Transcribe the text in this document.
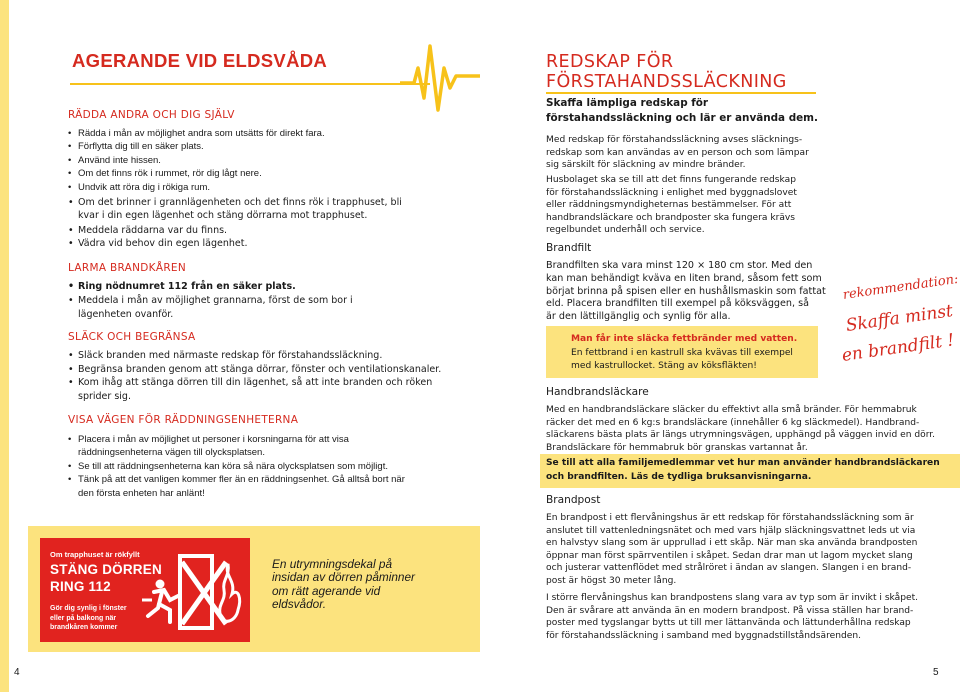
AGERANDE VID ELDSVÅDA
RÄDDA ANDRA OCH DIG SJÄLV
• Rädda i mån av möjlighet andra som utsätts för direkt fara.
• Förflytta dig till en säker plats.
• Använd inte hissen.
• Om det finns rök i rummet, rör dig lågt nere.
• Undvik att röra dig i rökiga rum.
• Om det brinner i grannlägenheten och det finns rök i trapphuset, bli kvar i din egen lägenhet och stäng dörrarna mot trapphuset.
• Meddela räddarna var du finns.
• Vädra vid behov din egen lägenhet.
LARMA BRANDKÅREN
• Ring nödnumret 112 från en säker plats.
• Meddela i mån av möjlighet grannarna, först de som bor i lägenheten ovanför.
SLÄCK OCH BEGRÄNSA
• Släck branden med närmaste redskap för förstahandssläckning.
• Begränsa branden genom att stänga dörrar, fönster och ventilationskanaler.
• Kom ihåg att stänga dörren till din lägenhet, så att inte branden och röken sprider sig.
VISA VÄGEN FÖR RÄDDNINGSENHETERNA
• Placera i mån av möjlighet ut personer i korsningarna för att visa räddningsenheterna vägen till olycksplatsen.
• Se till att räddningsenheterna kan köra så nära olycksplatsen som möjligt.
• Tänk på att det vanligen kommer fler än en räddningsenhet. Gå alltså bort när den första enheten har anlänt!
Om trapphuset är rökfyllt
STÄNG DÖRREN
RING 112
Gör dig synlig i fönster eller på balkong när brandkåren kommer
En utrymningsdekal på insidan av dörren påminner om rätt agerande vid eldsvådor.
4
REDSKAP FÖR
FÖRSTAHANDSSLÄCKNING
Skaffa lämpliga redskap för förstahandssläckning och lär er använda dem.
Med redskap för förstahandssläckning avses släcknings-
redskap som kan användas av en person och som lämpar
sig särskilt för släckning av mindre bränder.
Husbolaget ska se till att det finns fungerande redskap
för förstahandssläckning i enlighet med byggnadslovet
eller räddningsmyndigheternas bestämmelser. För att
handbrandsläckare och brandposter ska fungera krävs
regelbundet underhåll och service.
Brandfilt
Brandfilten ska vara minst 120 × 180 cm stor. Med den
kan man behändigt kväva en liten brand, såsom fett som
börjat brinna på spisen eller en hushållsmaskin som fattat
eld. Placera brandfilten till exempel på köksväggen, så
är den lättillgänglig och synlig för alla.
Man får inte släcka fettbränder med vatten.
En fettbrand i en kastrull ska kvävas till exempel
med kastrullocket. Stäng av köksfläkten!
rekommendation:
Skaffa minst
en brandfilt !
Handbrandsläckare
Med en handbrandsläckare släcker du effektivt alla små bränder. För hemmabruk
räcker det med en 6 kg:s brandsläckare (innehåller 6 kg släckmedel). Handbrand-
släckarens bästa plats är längs utrymningsvägen, upphängd på väggen invid en dörr.
Brandsläckare för hemmabruk bör granskas vartannat år.
Se till att alla familjemedlemmar vet hur man använder handbrandsläckaren
och brandfilten. Läs de tydliga bruksanvisningarna.
Brandpost
En brandpost i ett flervåningshus är ett redskap för förstahandssläckning som är
anslutet till vattenledningsnätet och med vars hjälp släckningsvattnet leds ut via
en halvstyv slang som är upprullad i ett skåp. När man ska använda brandposten
öppnar man först spärrventilen i skåpet. Sedan drar man ut lagom mycket slang
och justerar vattenflödet med strålröret i ändan av slangen. Slangen i en brand-
post är högst 30 meter lång.
I större flervåningshus kan brandpostens slang vara av typ som är invikt i skåpet.
Den är svårare att använda än en modern brandpost. På vissa ställen har brand-
poster med tygslangar bytts ut till mer lättanvända och lättunderhållna redskap
för förstahandssläckning i samband med byggnadstillståndsärenden.
5
